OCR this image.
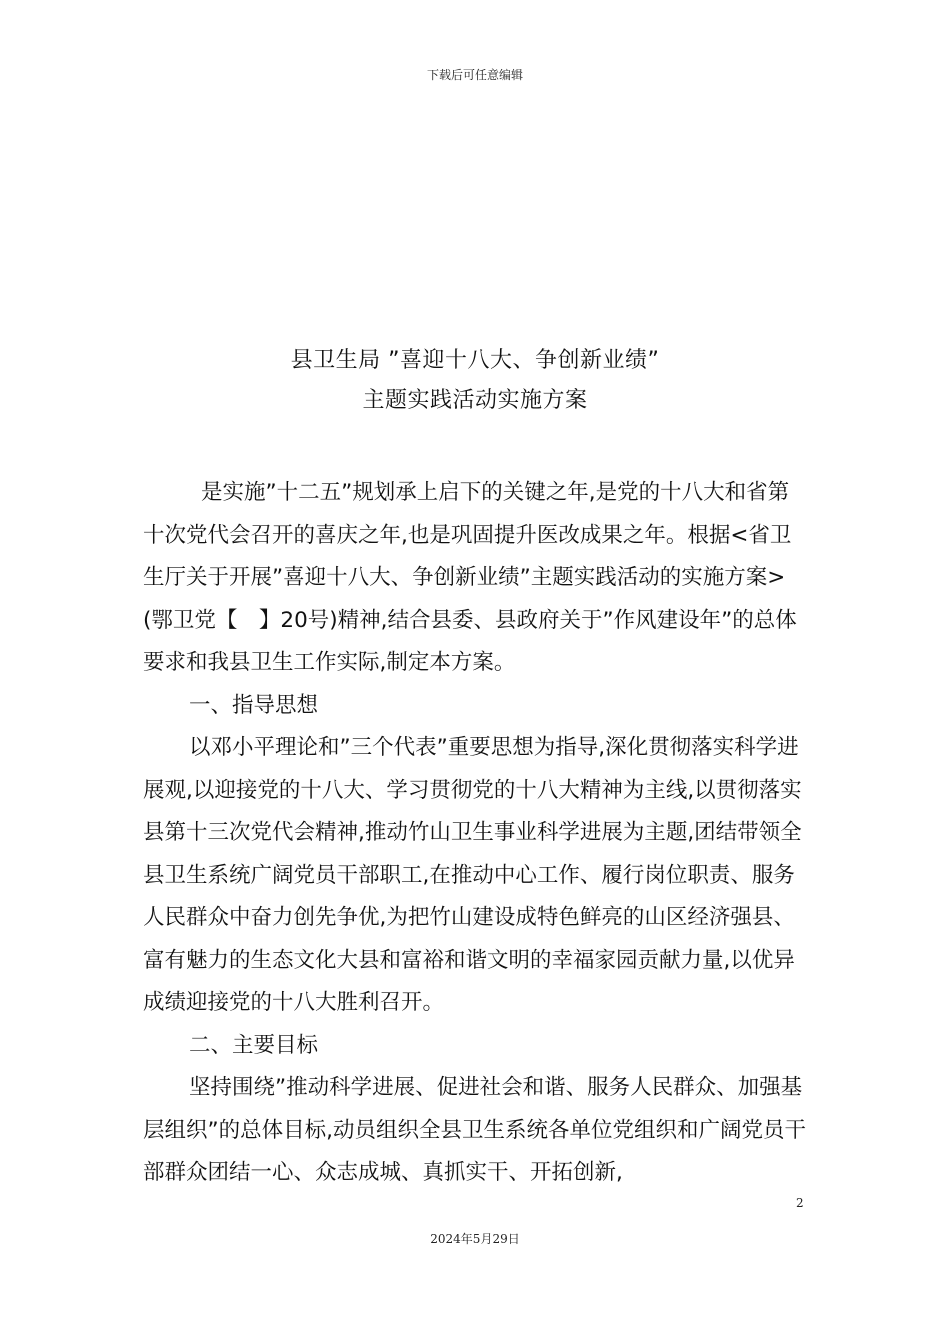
下载后可任意编辑
县卫生局 ”喜迎十八大、争创新业绩”
主题实践活动实施方案

是实施”十二五”规划承上启下的关键之年,是党的十八大和省第十次党代会召开的喜庆之年,也是巩固提升医改成果之年。根据<省卫生厅关于开展”喜迎十八大、争创新业绩”主题实践活动的实施方案>(鄂卫党【　】20号)精神,结合县委、县政府关于”作风建设年”的总体要求和我县卫生工作实际,制定本方案。

一、指导思想

以邓小平理论和”三个代表”重要思想为指导,深化贯彻落实科学进展观,以迎接党的十八大、学习贯彻党的十八大精神为主线,以贯彻落实县第十三次党代会精神,推动竹山卫生事业科学进展为主题,团结带领全县卫生系统广阔党员干部职工,在推动中心工作、履行岗位职责、服务人民群众中奋力创先争优,为把竹山建设成特色鲜亮的山区经济强县、富有魅力的生态文化大县和富裕和谐文明的幸福家园贡献力量,以优异成绩迎接党的十八大胜利召开。

二、主要目标

坚持围绕”推动科学进展、促进社会和谐、服务人民群众、加强基层组织”的总体目标,动员组织全县卫生系统各单位党组织和广阔党员干部群众团结一心、众志成城、真抓实干、开拓创新,

2
2024年5月29日
